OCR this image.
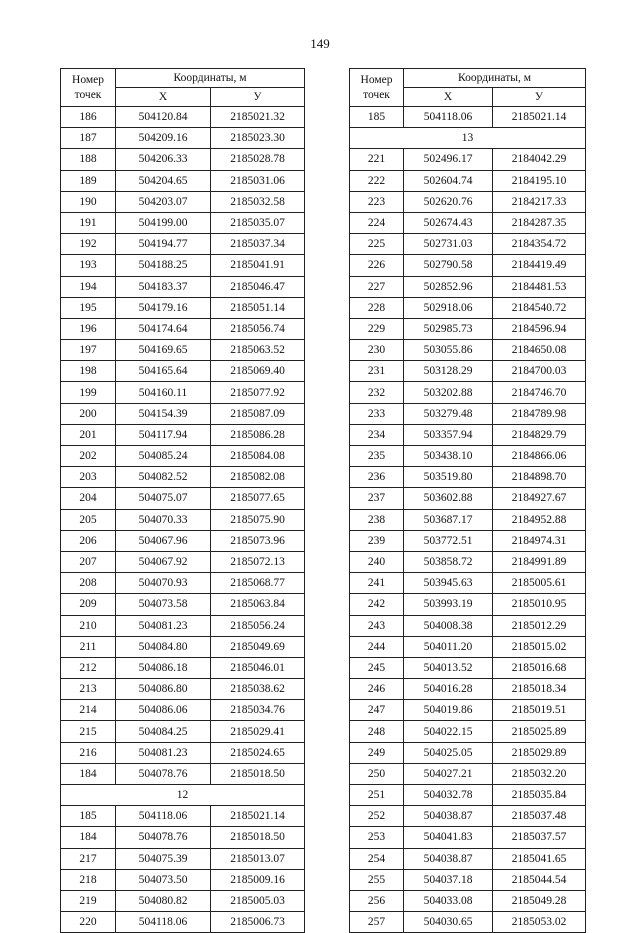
149
Номер
точек	Координаты, м	
	X	У
186	504120.84	2185021.32
187	504209.16	2185023.30
188	504206.33	2185028.78
189	504204.65	2185031.06
190	504203.07	2185032.58
191	504199.00	2185035.07
192	504194.77	2185037.34
193	504188.25	2185041.91
194	504183.37	2185046.47
195	504179.16	2185051.14
196	504174.64	2185056.74
197	504169.65	2185063.52
198	504165.64	2185069.40
199	504160.11	2185077.92
200	504154.39	2185087.09
201	504117.94	2185086.28
202	504085.24	2185084.08
203	504082.52	2185082.08
204	504075.07	2185077.65
205	504070.33	2185075.90
206	504067.96	2185073.96
207	504067.92	2185072.13
208	504070.93	2185068.77
209	504073.58	2185063.84
210	504081.23	2185056.24
211	504084.80	2185049.69
212	504086.18	2185046.01
213	504086.80	2185038.62
214	504086.06	2185034.76
215	504084.25	2185029.41
216	504081.23	2185024.65
184	504078.76	2185018.50
12		
185	504118.06	2185021.14
184	504078.76	2185018.50
217	504075.39	2185013.07
218	504073.50	2185009.16
219	504080.82	2185005.03
220	504118.06	2185006.73
Номер
точек	Координаты, м	
	X	У
185	504118.06	2185021.14
13		
221	502496.17	2184042.29
222	502604.74	2184195.10
223	502620.76	2184217.33
224	502674.43	2184287.35
225	502731.03	2184354.72
226	502790.58	2184419.49
227	502852.96	2184481.53
228	502918.06	2184540.72
229	502985.73	2184596.94
230	503055.86	2184650.08
231	503128.29	2184700.03
232	503202.88	2184746.70
233	503279.48	2184789.98
234	503357.94	2184829.79
235	503438.10	2184866.06
236	503519.80	2184898.70
237	503602.88	2184927.67
238	503687.17	2184952.88
239	503772.51	2184974.31
240	503858.72	2184991.89
241	503945.63	2185005.61
242	503993.19	2185010.95
243	504008.38	2185012.29
244	504011.20	2185015.02
245	504013.52	2185016.68
246	504016.28	2185018.34
247	504019.86	2185019.51
248	504022.15	2185025.89
249	504025.05	2185029.89
250	504027.21	2185032.20
251	504032.78	2185035.84
252	504038.87	2185037.48
253	504041.83	2185037.57
254	504038.87	2185041.65
255	504037.18	2185044.54
256	504033.08	2185049.28
257	504030.65	2185053.02
